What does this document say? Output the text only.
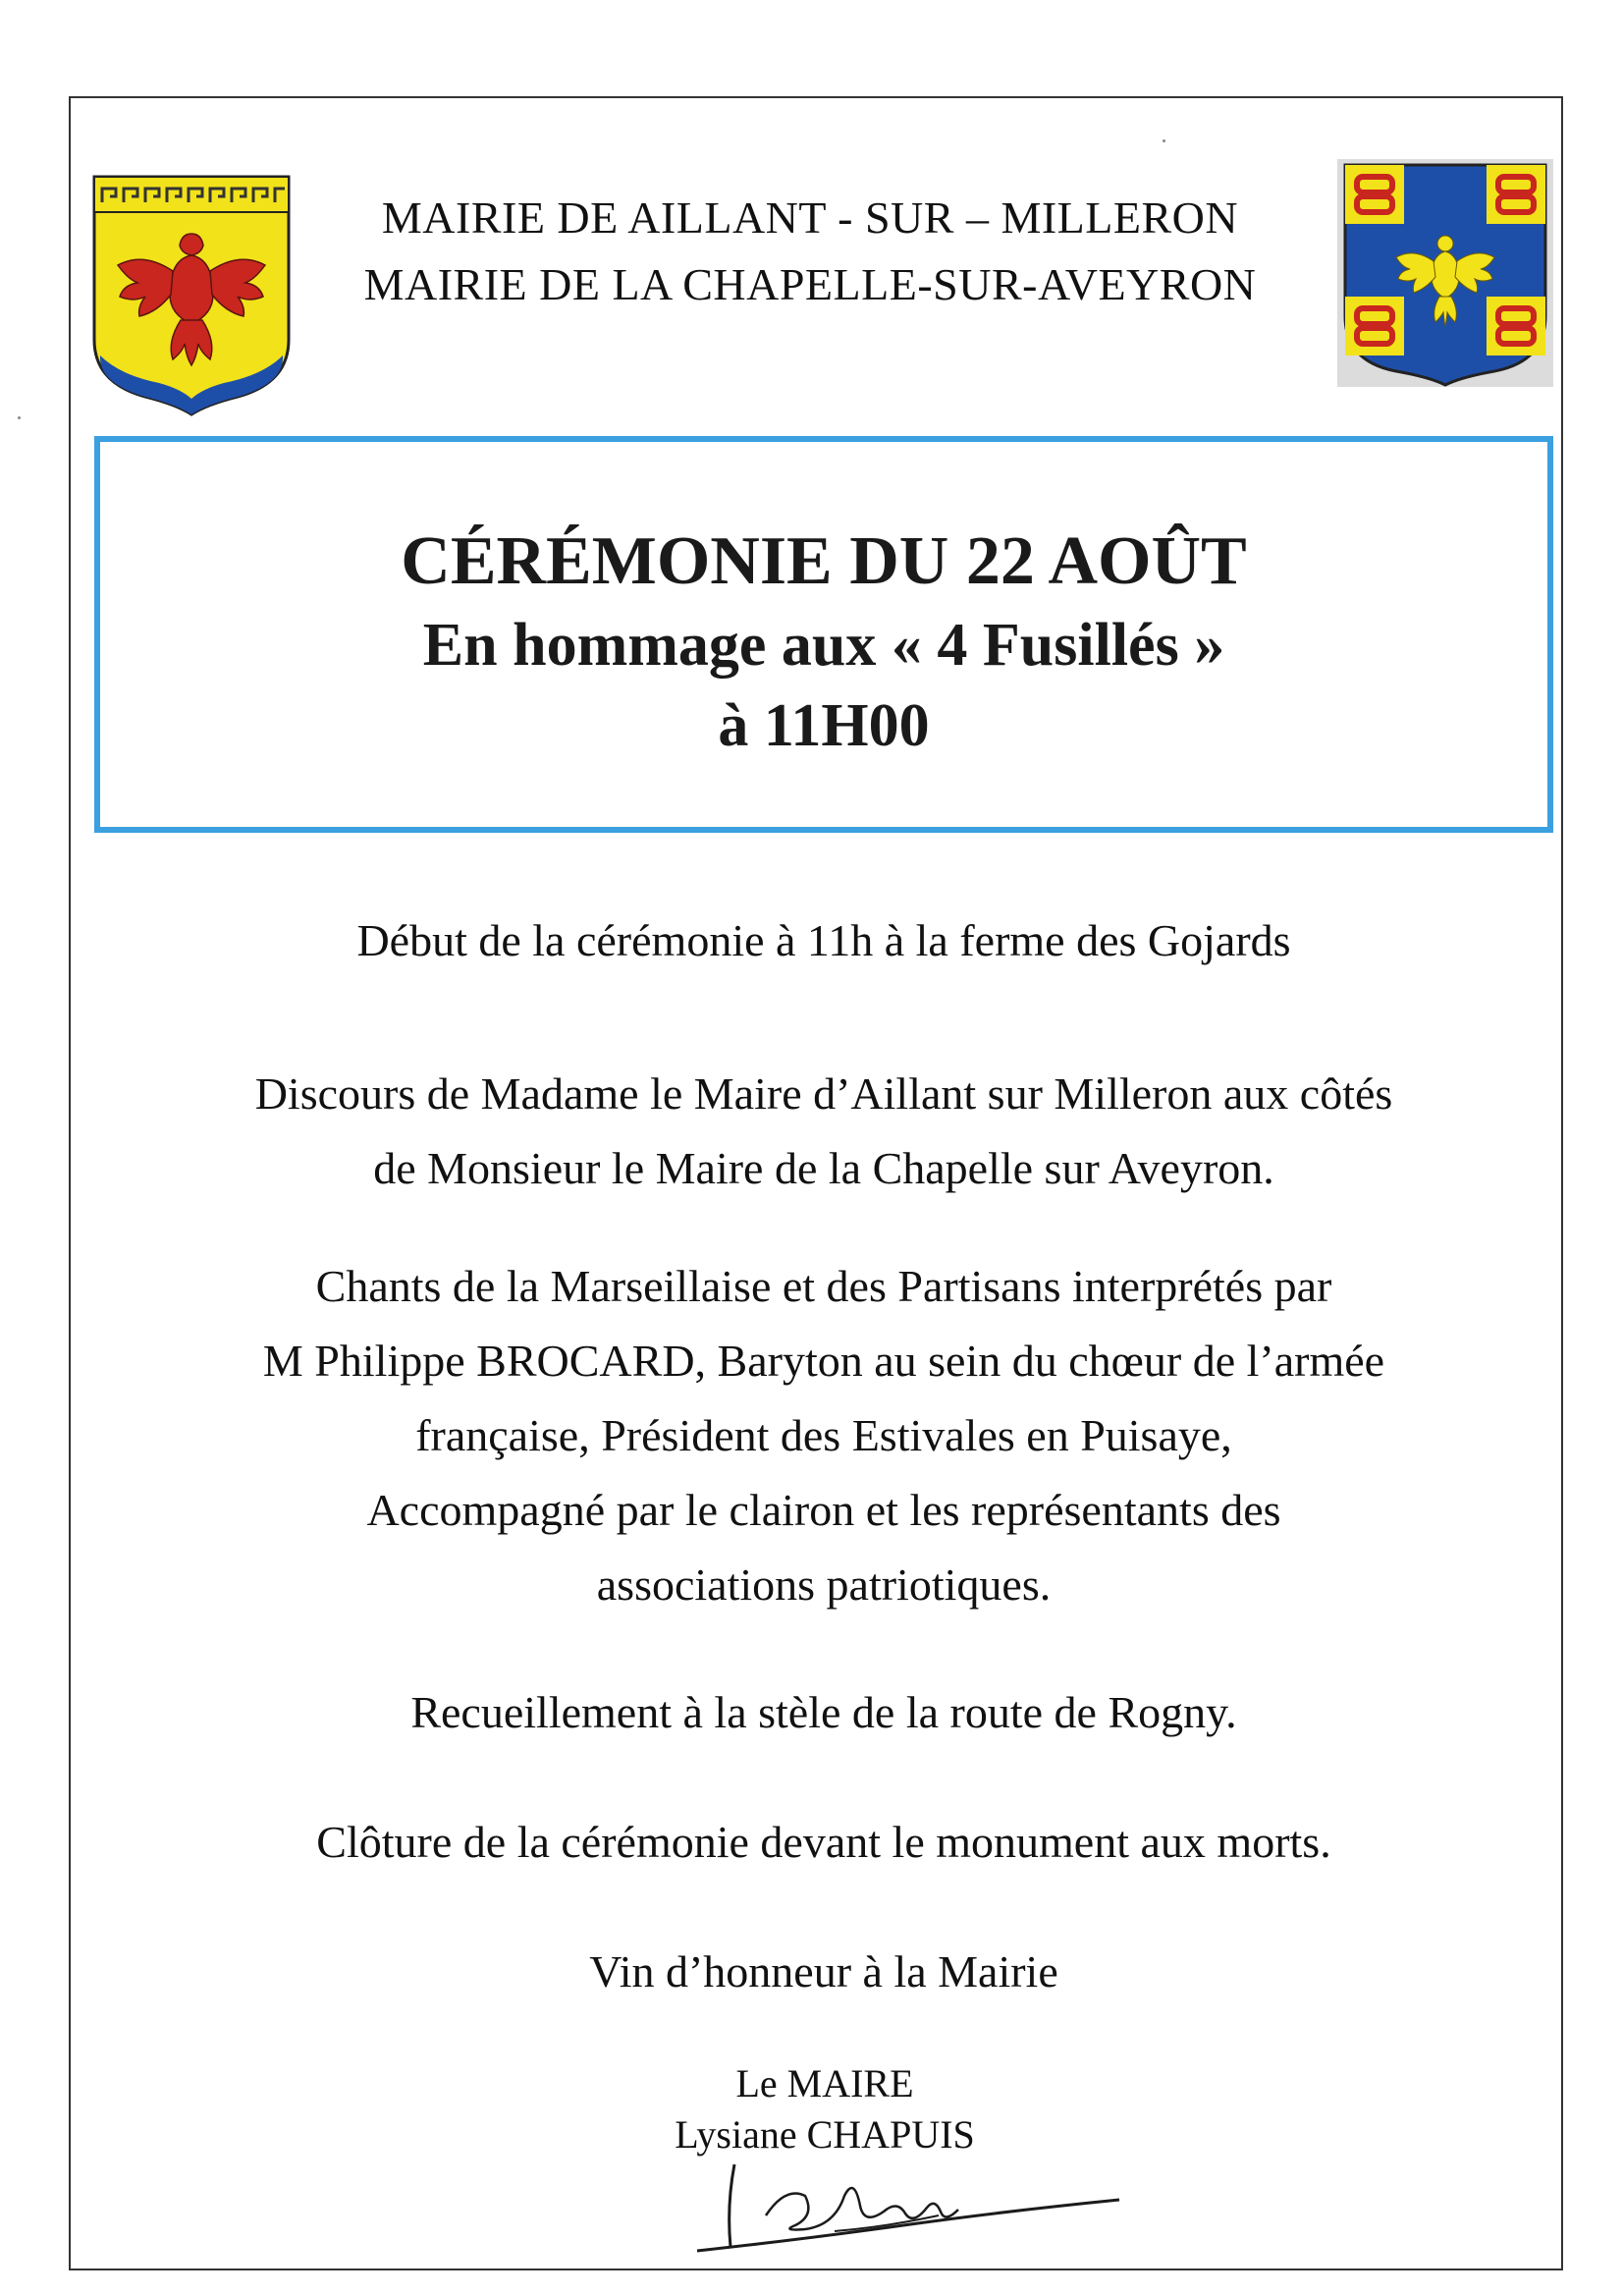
MAIRIE DE AILLANT - SUR – MILLERON
MAIRIE DE LA CHAPELLE-SUR-AVEYRON
CÉRÉMONIE DU 22 AOÛT
En hommage aux « 4 Fusillés »
à 11H00
Début de la cérémonie à 11h à la ferme des Gojards
Discours de Madame le Maire d’Aillant sur Milleron aux côtés
de Monsieur le Maire de la Chapelle sur Aveyron.
Chants de la Marseillaise et des Partisans interprétés par
M Philippe BROCARD, Baryton au sein du chœur de l’armée
française, Président des Estivales en Puisaye,
Accompagné par le clairon et les représentants des
associations patriotiques.
Recueillement à la stèle de la route de Rogny.
Clôture de la cérémonie devant le monument aux morts.
Vin d’honneur à la Mairie
Le MAIRE
Lysiane CHAPUIS
